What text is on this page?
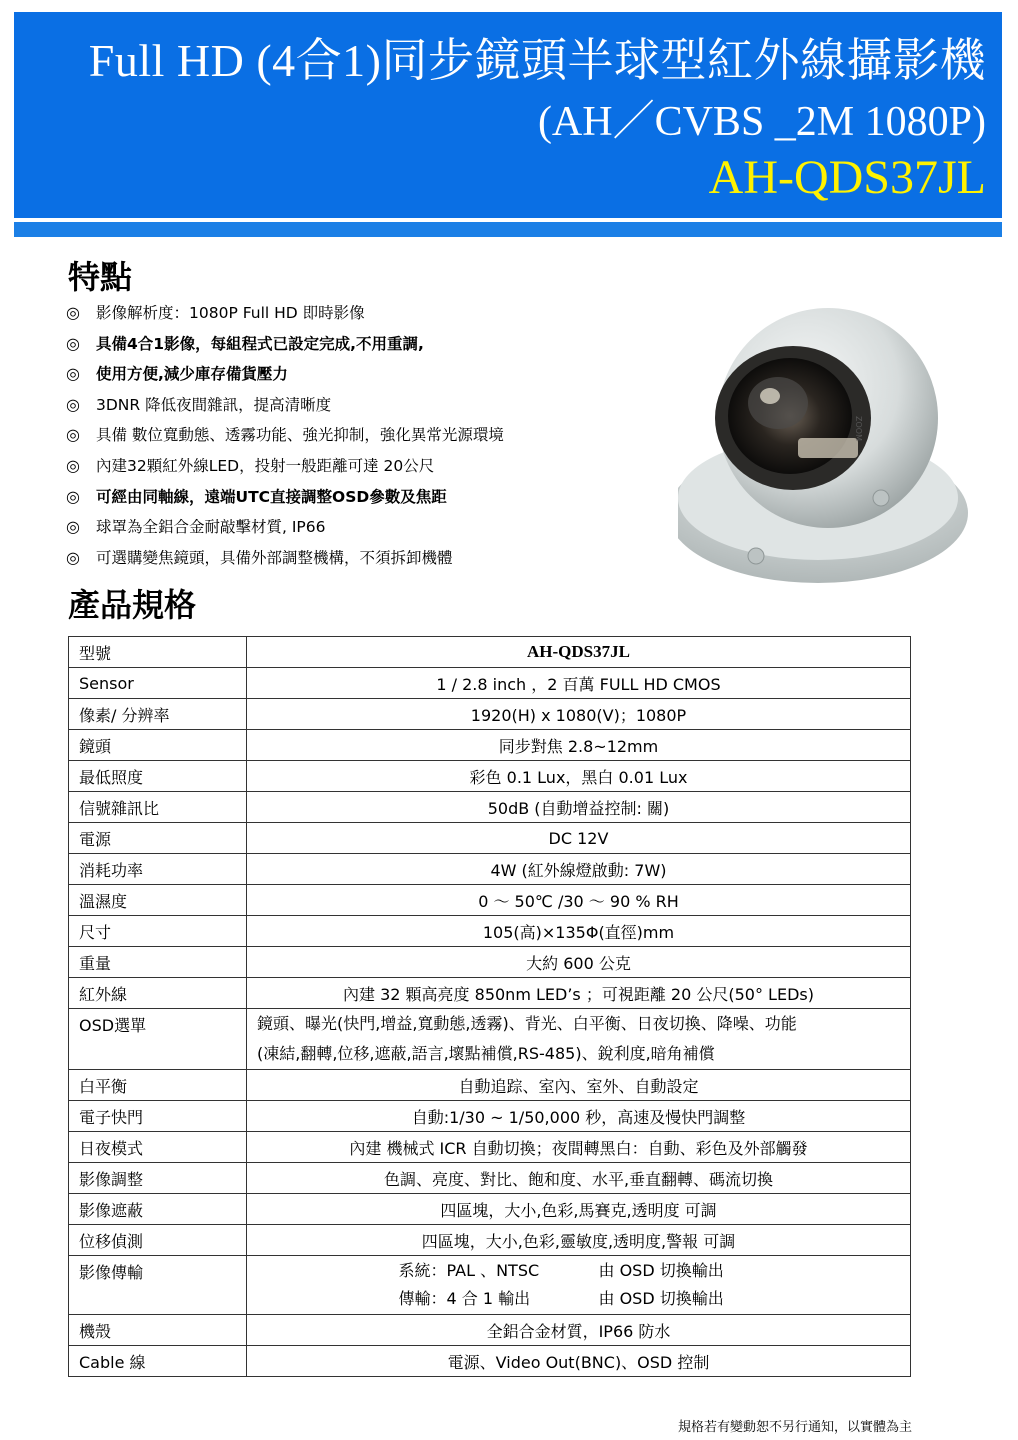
Full HD (4合1)同步鏡頭半球型紅外線攝影機
(AH／CVBS _2M 1080P)
AH-QDS37JL
特點
◎ 影像解析度：1080P Full HD 即時影像
◎ 具備4合1影像，每組程式已設定完成,不用重調,
◎ 使用方便,減少庫存備貨壓力
◎ 3DNR 降低夜間雜訊，提高清晰度
◎ 具備 數位寬動態、透霧功能、強光抑制，強化異常光源環境
◎ 內建32顆紅外線LED，投射一般距離可達 20公尺
◎ 可經由同軸線，遠端UTC直接調整OSD參數及焦距
◎ 球罩為全鋁合金耐敲擊材質, IP66
◎ 可選購變焦鏡頭，具備外部調整機構，不須拆卸機體
ZOOM
產品規格
型號	AH-QDS37JL
Sensor	1 / 2.8 inch ，2 百萬 FULL HD CMOS
像素/ 分辨率	1920(H) x 1080(V)；1080P
鏡頭	同步對焦 2.8~12mm
最低照度	彩色 0.1 Lux，黑白 0.01 Lux
信號雜訊比	50dB (自動增益控制: 關)
電源	DC 12V
消耗功率	4W (紅外線燈啟動: 7W)
溫濕度	0 ～ 50℃ /30 ～ 90 % RH
尺寸	105(高)×135Φ(直徑)mm
重量	大約 600 公克
紅外線	內建 32 顆高亮度 850nm LED’s ；可視距離 20 公尺(50° LEDs)
OSD選單	鏡頭、曝光(快門,增益,寬動態,透霧)、背光、白平衡、日夜切換、降噪、功能
(凍結,翻轉,位移,遮蔽,語言,壞點補償,RS-485)、銳利度,暗角補償

白平衡	自動追踪、室內、室外、自動設定
電子快門	自動:1/30 ~ 1/50,000 秒，高速及慢快門調整
日夜模式	內建 機械式 ICR 自動切換；夜間轉黑白：自動、彩色及外部觸發
影像調整	色調、亮度、對比、飽和度、水平,垂直翻轉、碼流切換
影像遮蔽	四區塊，大小,色彩,馬賽克,透明度 可調
位移偵測	四區塊，大小,色彩,靈敏度,透明度,警報 可調
影像傳輸	系統：PAL 、NTSC 由 OSD 切換輸出
傳輸：4 合 1 輸出 由 OSD 切換輸出

機殼	全鋁合金材質，IP66 防水
Cable 線	電源、Video Out(BNC)、OSD 控制
規格若有變動恕不另行通知，以實體為主
